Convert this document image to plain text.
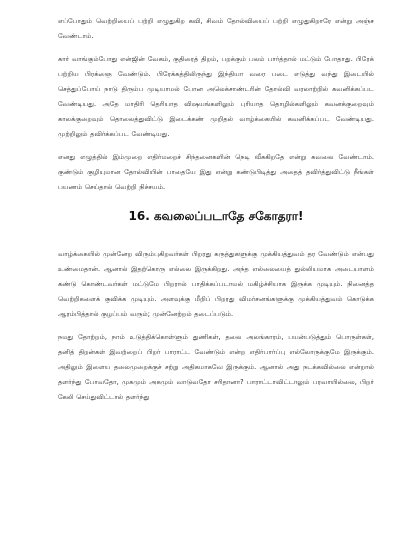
எப்போதும் வெற்றியைப் பற்றி எழுதுகிற கவி, சிவம் தோல்வியைப் பற்றி எழுதுகிறாரே என்று அஞ்ச வேண்டாம்.

கார் வாங்கும்போது என்ஜின் வேகம், குதிரைத் திறம், பறக்கும் பலம் பார்த்தால் மட்டும் போதாது. பிரேக் பற்றிய பிரக்ஞை வேண்டும். பிரேக்கத்திலிருந்து இந்தியா வரை படை எடுத்து வந்து இடையில் செத்துப்போய் நாடு திரும்ப முடியாமல் போன அலெக்சாண்டரின் தோல்வி வரலாற்றில் கவனிக்கப்பட வேண்டியது. அதே மாதிரி தெரியாத விஷயங்களிலும் புரியாத தொழில்களிலும் கவனக்குறைவும் காலக்குறைவும் தொலைத்துவிட்டு இடைக்கண் முறிதல் வாழ்க்கையில் கவனிக்கப்பட வேண்டியது. முற்றிலும் தவிர்க்கப்பட வேண்டியது.

எனது எழுத்தில் இம்முறை எதிர்மறைச் சிந்தனைகளின் நெடி வீசுகிறதே என்று கவலை வேண்டாம். குண்டும் குழியுமான தோல்வியின் பாதையே இது என்று கண்டுபிடித்து அதைத் தவிர்த்துவிட்டு நீங்கள் பயணம் செய்தால் வெற்றி நிச்சயம்.

16. கவலைப்படாதே சகோதரா!

வாழ்க்கையில் முன்னேற விரும்புகிறவர்கள் பிறரது கருத்துகளுக்கு முக்கியத்துவம் தர வேண்டும் என்பது உண்மைதான். ஆனால் இதற்கொரு எல்லை இருக்கிறது. அந்த எல்லையைத் துல்லியமாக அடையாளம் கண்டு கொண்டவர்கள் மட்டுமே பிறரால் பாதிக்கப்படாமல் மகிழ்ச்சியாக இருக்க முடியும். நினைத்த வெற்றிகளைக் குவிக்க முடியும். அளவுக்கு மீறிப் பிறரது விமர்சனங்களுக்கு முக்கியத்துவம் கொடுக்க ஆரம்பித்தால் குழப்பம் வரும்; முன்னேற்றம் தடைப்படும்.

நமது தோற்றம், நாம் உடுத்திக்கொள்ளும் துணிகள், தலை அலங்காரம், பயன்படுத்தும் பொருள்கள், தனித் திறன்கள் இவற்றைப் பிறர் பாராட்ட வேண்டும் என்ற எதிர்பார்ப்பு எல்லோருக்குமே இருக்கும். அதிலும் இளைய தலைமுறைக்குச் சற்று அதிகமாகவே இருக்கும். ஆனால் அது நடக்கவில்லை என்றால் தளர்ந்து போவதோ, முகமும் அகமும் வாடுவதோ சரிதானா? பாராட்டாவிட்டாலும் பரவாயில்லை, பிறர் கேலி செய்துவிட்டால் தளர்ந்து
